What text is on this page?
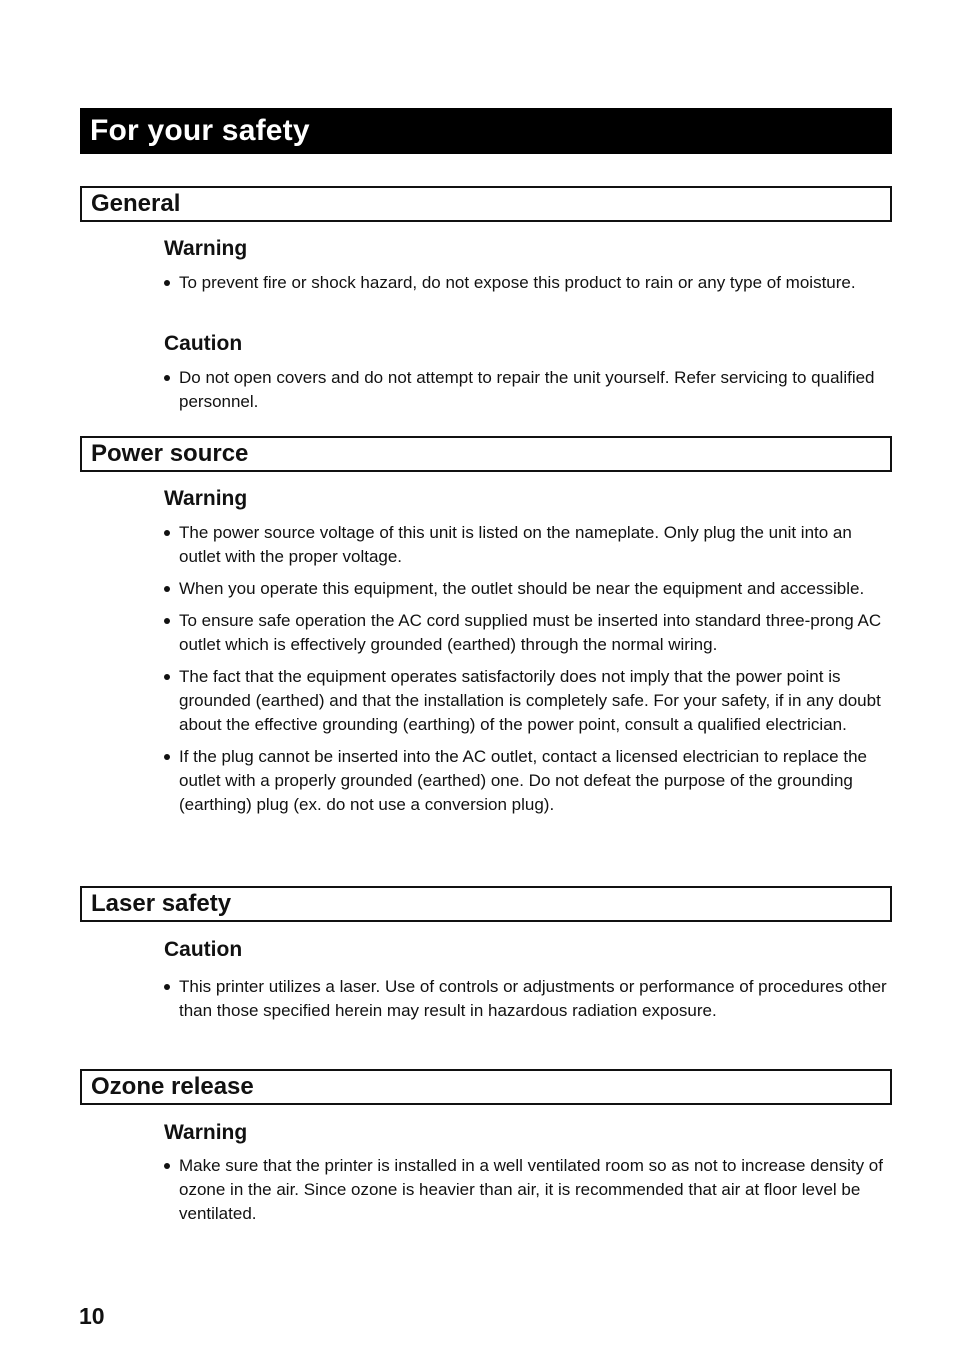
For your safety
General
Warning
To prevent fire or shock hazard, do not expose this product to rain or any type of moisture.
Caution
Do not open covers and do not attempt to repair the unit yourself. Refer servicing to qualified personnel.
Power source
Warning
The power source voltage of this unit is listed on the nameplate. Only plug the unit into an outlet with the proper voltage.
When you operate this equipment, the outlet should be near the equipment and accessible.
To ensure safe operation the AC cord supplied must be inserted into standard three-prong AC outlet which is effectively grounded (earthed) through the normal wiring.
The fact that the equipment operates satisfactorily does not imply that the power point is grounded (earthed) and that the installation is completely safe. For your safety, if in any doubt about the effective grounding (earthing) of the power point, consult a qualified electrician.
If the plug cannot be inserted into the AC outlet, contact a licensed electrician to replace the outlet with a properly grounded (earthed) one. Do not defeat the purpose of the grounding (earthing) plug (ex. do not use a conversion plug).
Laser safety
Caution
This printer utilizes a laser. Use of controls or adjustments or performance of procedures other than those specified herein may result in hazardous radiation exposure.
Ozone release
Warning
Make sure that the printer is installed in a well ventilated room so as not to increase density of ozone in the air. Since ozone is heavier than air, it is recommended that air at floor level be ventilated.
10
